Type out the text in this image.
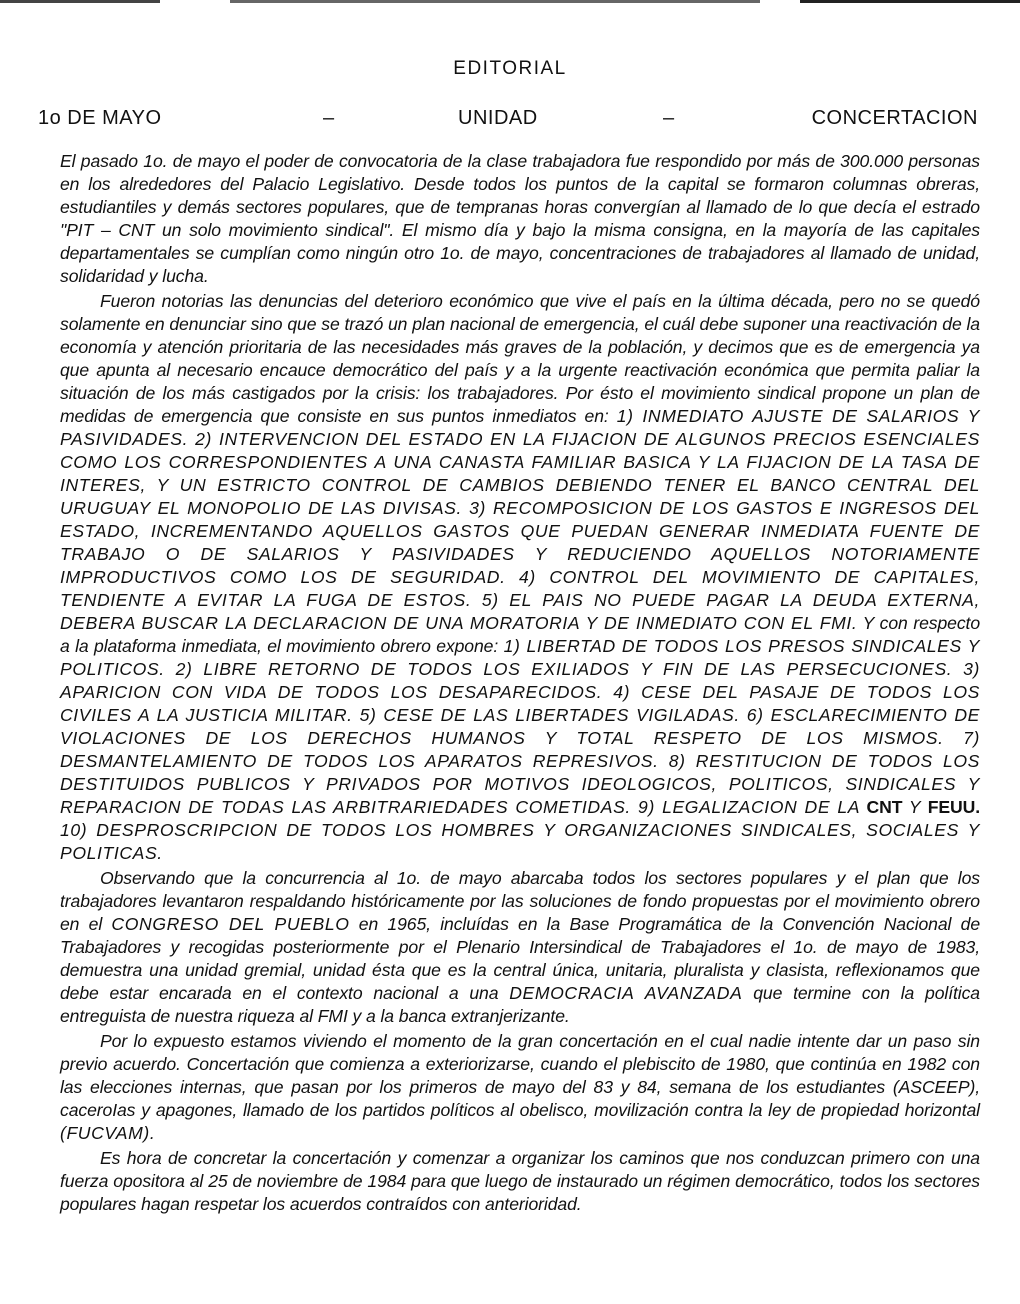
EDITORIAL
1o DE MAYO	–	UNIDAD	–	CONCERTACION

El pasado 1o. de mayo el poder de convocatoria de la clase trabajadora fue respondido por más de 300.000 personas en los alrededores del Palacio Legislativo. Desde todos los puntos de la capital se formaron columnas obreras, estudiantiles y demás sectores populares, que de tempranas horas convergían al llamado de lo que decía el estrado "PIT – CNT un solo movimiento sindical". El mismo día y bajo la misma consigna, en la mayoría de las capitales departamentales se cumplían como ningún otro 1o. de mayo, concentraciones de trabajadores al llamado de unidad, solidaridad y lucha.

Fueron notorias las denuncias del deterioro económico que vive el país en la última década, pero no se quedó solamente en denunciar sino que se trazó un plan nacional de emergencia, el cuál debe suponer una reactivación de la economía y atención prioritaria de las necesidades más graves de la población, y decimos que es de emergencia ya que apunta al necesario encauce democrático del país y a la urgente reactivación económica que permita paliar la situación de los más castigados por la crisis: los trabajadores. Por ésto el movimiento sindical propone un plan de medidas de emergencia que consiste en sus puntos inmediatos en: 1) INMEDIATO AJUSTE DE SALARIOS Y PASIVIDADES. 2) INTERVENCION DEL ESTADO EN LA FIJACION DE ALGUNOS PRECIOS ESENCIALES COMO LOS CORRESPONDIENTES A UNA CANASTA FAMILIAR BASICA Y LA FIJACION DE LA TASA DE INTERES, Y UN ESTRICTO CONTROL DE CAMBIOS DEBIENDO TENER EL BANCO CENTRAL DEL URUGUAY EL MONOPOLIO DE LAS DIVISAS. 3) RECOMPOSICION DE LOS GASTOS E INGRESOS DEL ESTADO, INCREMENTANDO AQUELLOS GASTOS QUE PUEDAN GENERAR INMEDIATA FUENTE DE TRABAJO O DE SALARIOS Y PASIVIDADES Y REDUCIENDO AQUELLOS NOTORIAMENTE IMPRODUCTIVOS COMO LOS DE SEGURIDAD. 4) CONTROL DEL MOVIMIENTO DE CAPITALES, TENDIENTE A EVITAR LA FUGA DE ESTOS. 5) EL PAIS NO PUEDE PAGAR LA DEUDA EXTERNA, DEBERA BUSCAR LA DECLARACION DE UNA MORATORIA Y DE INMEDIATO CON EL FMI. Y con respecto a la plataforma inmediata, el movimiento obrero expone: 1) LIBERTAD DE TODOS LOS PRESOS SINDICALES Y POLITICOS. 2) LIBRE RETORNO DE TODOS LOS EXILIADOS Y FIN DE LAS PERSECUCIONES. 3) APARICION CON VIDA DE TODOS LOS DESAPARECIDOS. 4) CESE DEL PASAJE DE TODOS LOS CIVILES A LA JUSTICIA MILITAR. 5) CESE DE LAS LIBERTADES VIGILADAS. 6) ESCLARECIMIENTO DE VIOLACIONES DE LOS DERECHOS HUMANOS Y TOTAL RESPETO DE LOS MISMOS. 7) DESMANTELAMIENTO DE TODOS LOS APARATOS REPRESIVOS. 8) RESTITUCION DE TODOS LOS DESTITUIDOS PUBLICOS Y PRIVADOS POR MOTIVOS IDEOLOGICOS, POLITICOS, SINDICALES Y REPARACION DE TODAS LAS ARBITRARIEDADES COMETIDAS. 9) LEGALIZACION DE LA CNT Y FEUU. 10) DESPROSCRIPCION DE TODOS LOS HOMBRES Y ORGANIZACIONES SINDICALES, SOCIALES Y POLITICAS.

Observando que la concurrencia al 1o. de mayo abarcaba todos los sectores populares y el plan que los trabajadores levantaron respaldando históricamente por las soluciones de fondo propuestas por el movimiento obrero en el CONGRESO DEL PUEBLO en 1965, incluídas en la Base Programática de la Convención Nacional de Trabajadores y recogidas posteriormente por el Plenario Intersindical de Trabajadores el 1o. de mayo de 1983, demuestra una unidad gremial, unidad ésta que es la central única, unitaria, pluralista y clasista, reflexionamos que debe estar encarada en el contexto nacional a una DEMOCRACIA AVANZADA que termine con la política entreguista de nuestra riqueza al FMI y a la banca extranjerizante.

Por lo expuesto estamos viviendo el momento de la gran concertación en el cual nadie intente dar un paso sin previo acuerdo. Concertación que comienza a exteriorizarse, cuando el plebiscito de 1980, que continúa en 1982 con las elecciones internas, que pasan por los primeros de mayo del 83 y 84, semana de los estudiantes (ASCEEP), caceroIas y apagones, llamado de los partidos políticos al obelisco, movilización contra la ley de propiedad horizontal (FUCVAM).

Es hora de concretar la concertación y comenzar a organizar los caminos que nos conduzcan primero con una fuerza opositora al 25 de noviembre de 1984 para que luego de instaurado un régimen democrático, todos los sectores populares hagan respetar los acuerdos contraídos con anterioridad.
